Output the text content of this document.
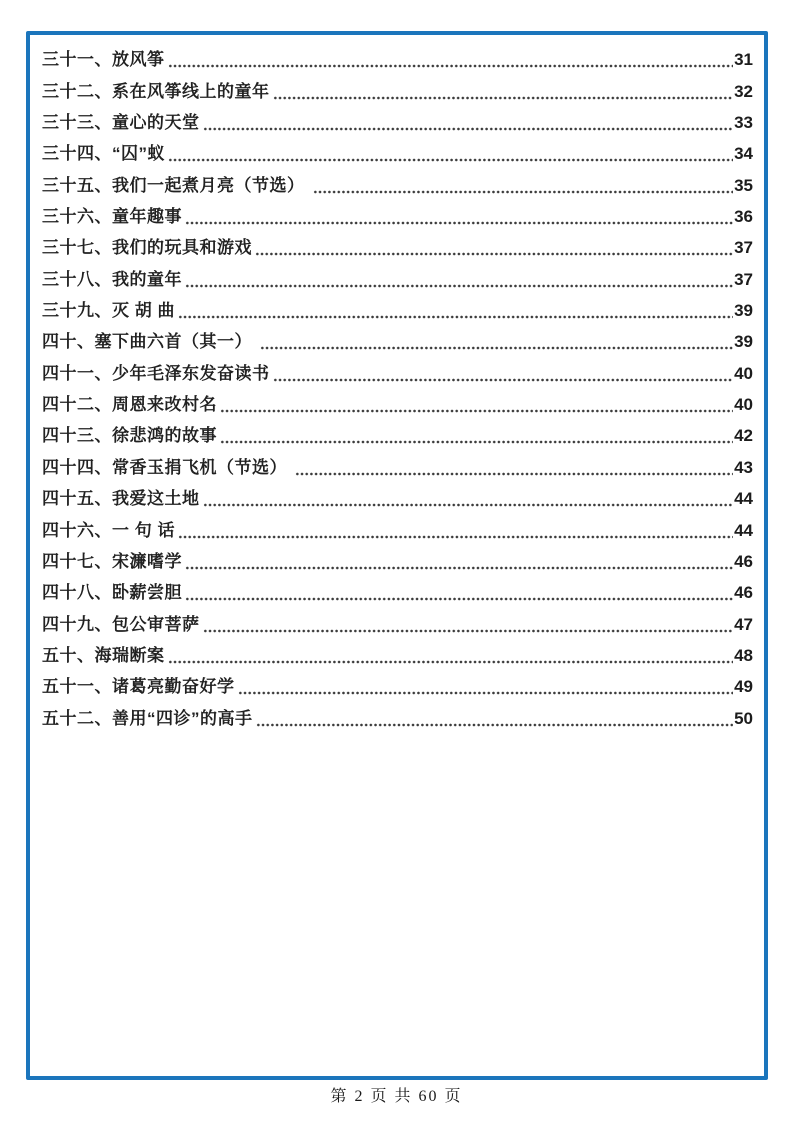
三十一、放风筝	31
三十二、系在风筝线上的童年	32
三十三、童心的天堂	33
三十四、“囚”蚁	34
三十五、我们一起煮月亮（节选）	35
三十六、童年趣事	36
三十七、我们的玩具和游戏	37
三十八、我的童年	37
三十九、灭 胡 曲	39
四十、塞下曲六首（其一）	39
四十一、少年毛泽东发奋读书	40
四十二、周恩来改村名	40
四十三、徐悲鸿的故事	42
四十四、常香玉捐飞机（节选）	43
四十五、我爱这土地	44
四十六、一 句 话	44
四十七、宋濂嗜学	46
四十八、卧薪尝胆	46
四十九、包公审菩萨	47
五十、海瑞断案	48
五十一、诸葛亮勤奋好学	49
五十二、善用“四诊”的高手	50
第 2 页 共 60 页
